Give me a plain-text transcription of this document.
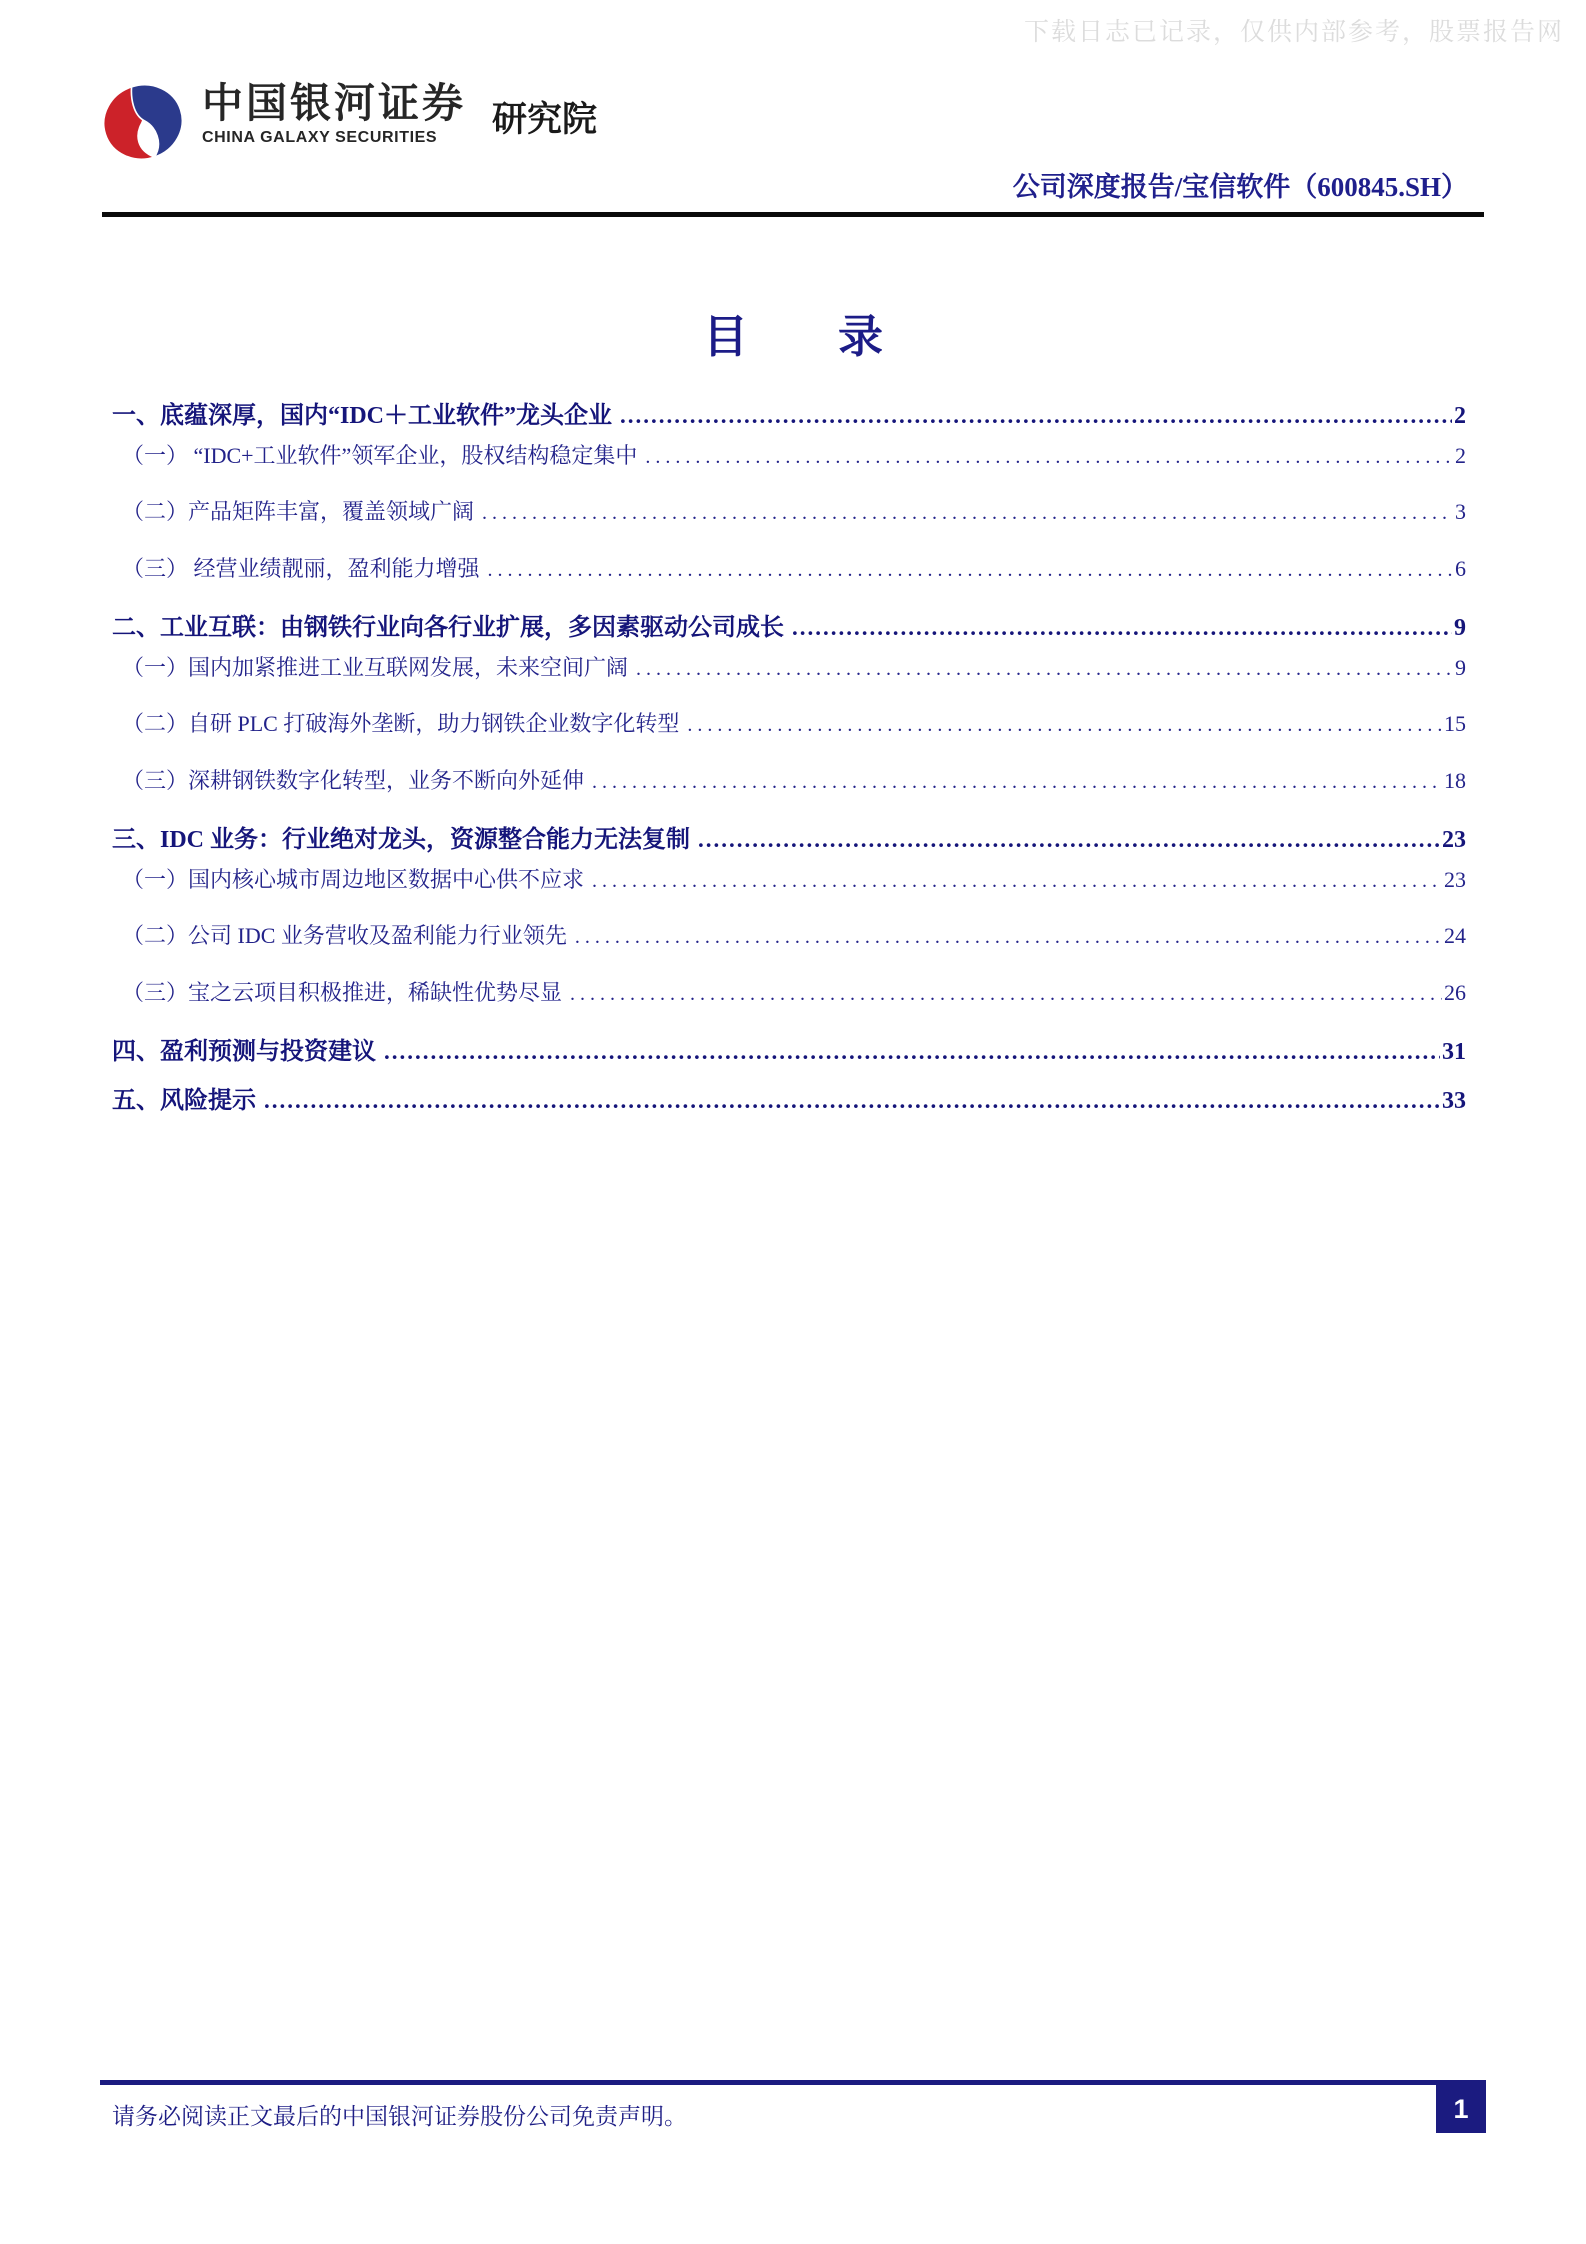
下载日志已记录，仅供内部参考，股票报告网
中国银河证券
CHINA GALAXY SECURITIES	研究院
公司深度报告/宝信软件（600845.SH）
目　　录
一、底蕴深厚，国内“IDC＋工业软件”龙头企业 .....	2
（一） “IDC+工业软件”领军企业，股权结构稳定集中 .....	2
（二）产品矩阵丰富，覆盖领域广阔 .....	3
（三） 经营业绩靓丽，盈利能力增强 .....	6
二、工业互联：由钢铁行业向各行业扩展，多因素驱动公司成长 .....	9
（一）国内加紧推进工业互联网发展，未来空间广阔 .....	9
（二）自研 PLC 打破海外垄断，助力钢铁企业数字化转型 .....	15
（三）深耕钢铁数字化转型，业务不断向外延伸 .....	18
三、IDC 业务：行业绝对龙头，资源整合能力无法复制 .....	23
（一）国内核心城市周边地区数据中心供不应求 .....	23
（二）公司 IDC 业务营收及盈利能力行业领先 .....	24
（三）宝之云项目积极推进，稀缺性优势尽显 .....	26
四、盈利预测与投资建议 .....	31
五、风险提示 .....	33
请务必阅读正文最后的中国银河证券股份公司免责声明。	1
